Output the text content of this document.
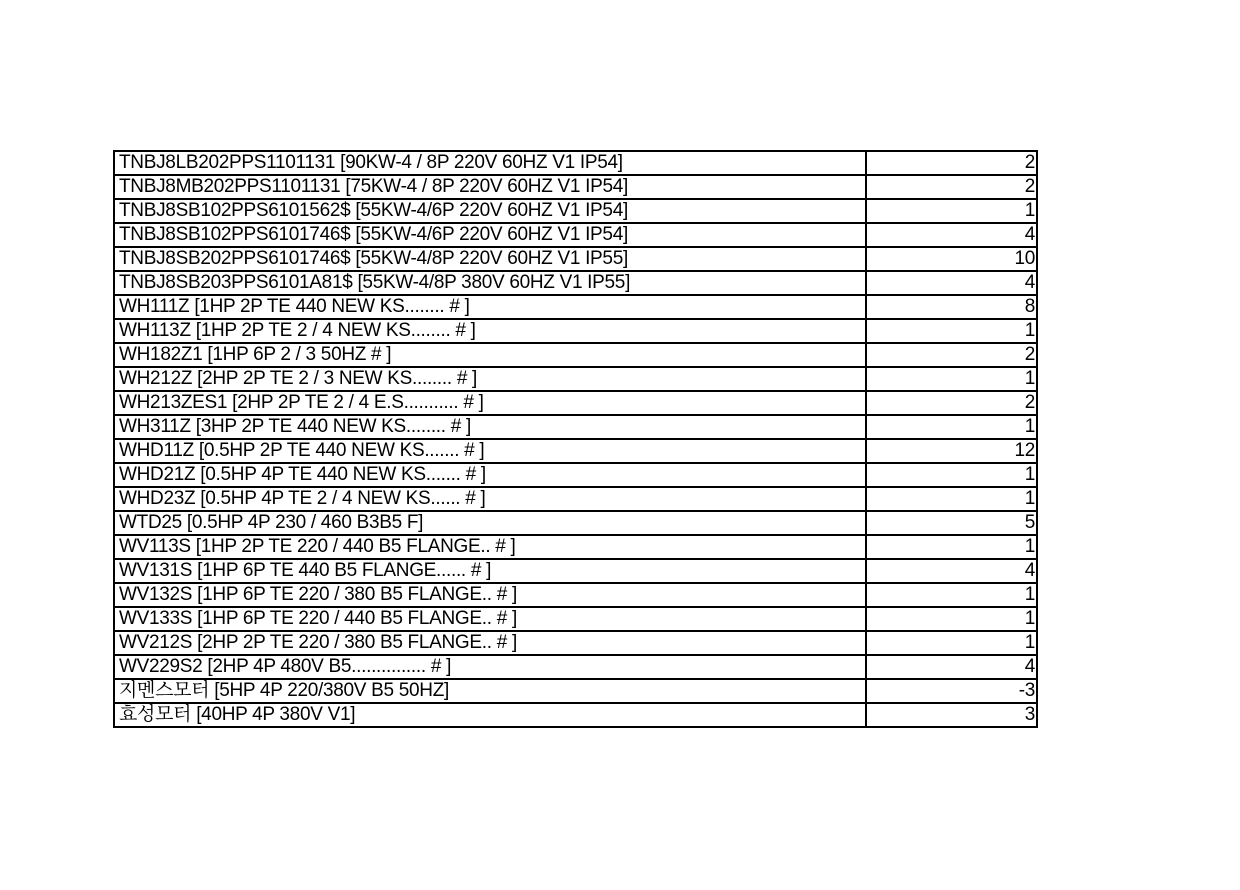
TNBJ8LB202PPS1101131 [90KW-4 / 8P 220V 60HZ V1 IP54]	2
TNBJ8MB202PPS1101131 [75KW-4 / 8P 220V 60HZ V1 IP54]	2
TNBJ8SB102PPS6101562$ [55KW-4/6P 220V 60HZ V1 IP54]	1
TNBJ8SB102PPS6101746$ [55KW-4/6P 220V 60HZ V1 IP54]	4
TNBJ8SB202PPS6101746$ [55KW-4/8P 220V 60HZ V1 IP55]	10
TNBJ8SB203PPS6101A81$ [55KW-4/8P 380V 60HZ V1 IP55]	4
WH111Z [1HP 2P TE 440 NEW KS........ # ]	8
WH113Z [1HP 2P TE 2 / 4 NEW KS........ # ]	1
WH182Z1 [1HP 6P 2 / 3 50HZ # ]	2
WH212Z [2HP 2P TE 2 / 3 NEW KS........ # ]	1
WH213ZES1 [2HP 2P TE 2 / 4 E.S........... # ]	2
WH311Z [3HP 2P TE 440 NEW KS........ # ]	1
WHD11Z [0.5HP 2P TE 440 NEW KS....... # ]	12
WHD21Z [0.5HP 4P TE 440 NEW KS....... # ]	1
WHD23Z [0.5HP 4P TE 2 / 4 NEW KS...... # ]	1
WTD25 [0.5HP 4P 230 / 460 B3B5 F]	5
WV113S [1HP 2P TE 220 / 440 B5 FLANGE.. # ]	1
WV131S [1HP 6P TE 440 B5 FLANGE...... # ]	4
WV132S [1HP 6P TE 220 / 380 B5 FLANGE.. # ]	1
WV133S [1HP 6P TE 220 / 440 B5 FLANGE.. # ]	1
WV212S [2HP 2P TE 220 / 380 B5 FLANGE.. # ]	1
WV229S2 [2HP 4P 480V B5............... # ]	4
지멘스모터 [5HP 4P 220/380V B5 50HZ]	-3
효성모터 [40HP 4P 380V V1]	3
